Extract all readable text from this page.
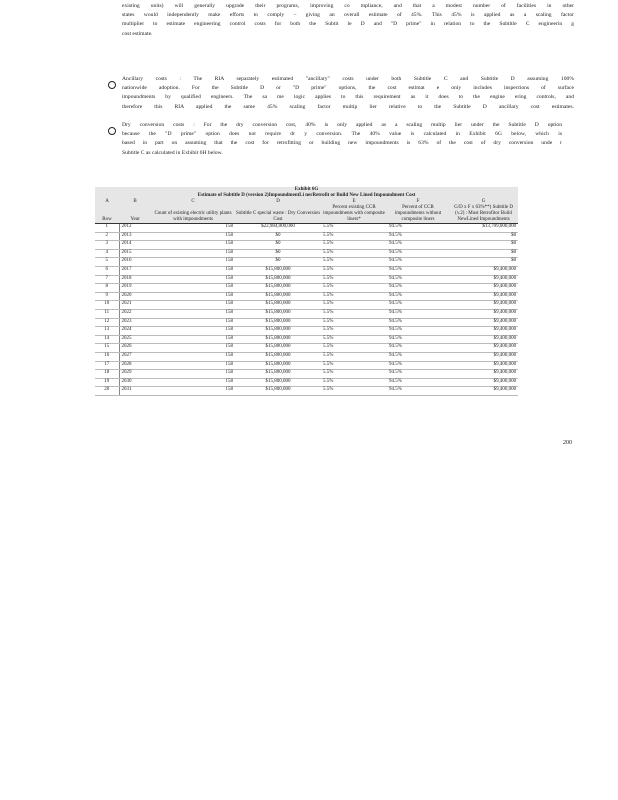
existing units) will generally upgrade their programs, improving co mpliance, and that a modest number of facilities in other
states would independently make efforts to comply – giving an overall estimate of 45%. This 45% is applied as a scaling factor
multiplier to estimate engineering control costs for both the Subtit le D and "D prime" in relation to the Subtitle C engineerin g
cost estimate.
Ancillary costs : The RIA separately estimated "ancillary" costs under both Subtitle C and Subtitle D assuming 100%
nationwide adoption. For the Subtitle D or "D prime" options, the cost estimat e only includes inspections of surface
impoundments by qualified engineers. The sa me logic applies to this requirement as it does to the engine ering controls, and
therefore this RIA applied the same 45% scaling factor multip lier relative to the Subtitle D ancillary cost estimates.
Dry conversion costs : For the dry conversion cost, 40% is only applied as a scaling multip lier under the Subtitle D option
because the "D prime" option does not require dr y conversion. The 40% value is calculated in Exhibit 6G below, which is
based in part on assuming that the cost for retrofitting or building new impoundments is 63% of the cost of dry conversion unde r
Subtitle C as calculated in Exhibit 6H below.
Exhibit 6G						
Estimate of Subtitle D (version 2)ImpoundmentLi nerRetrofit or Build New Lined Impoundment Cost						
A	B	C	D	E	F	G
Row	Year	Count of existing electric utility plants with impoundments	Subtitle C special waste : Dry Conversion Cost	Percent existing CCR impoundments with composite liners*	Percent of CCR impoundments without composite liners	G/D x F x 63%**) Subtitle D (v.2) : Must Retrofitor Build NewLined Impoundments
1	2012	158	$22,984,000,000	5.5%	94.5%	$13,709,000,000
2	2013	158	$0	5.5%	94.5%	$0
3	2014	158	$0	5.5%	94.5%	$0
4	2015	158	$0	5.5%	94.5%	$0
5	2016	158	$0	5.5%	94.5%	$0
6	2017	158	$15,800,000	5.5%	94.5%	$9,400,000
7	2018	158	$15,800,000	5.5%	94.5%	$9,400,000
8	2019	158	$15,800,000	5.5%	94.5%	$9,400,000
9	2020	158	$15,800,000	5.5%	94.5%	$9,400,000
10	2021	158	$15,800,000	5.5%	94.5%	$9,400,000
11	2022	158	$15,800,000	5.5%	94.5%	$9,400,000
12	2023	158	$15,800,000	5.5%	94.5%	$9,400,000
13	2024	158	$15,800,000	5.5%	94.5%	$9,400,000
14	2025	158	$15,800,000	5.5%	94.5%	$9,400,000
15	2026	158	$15,800,000	5.5%	94.5%	$9,400,000
16	2027	158	$15,800,000	5.5%	94.5%	$9,400,000
17	2028	158	$15,800,000	5.5%	94.5%	$9,400,000
18	2029	158	$15,800,000	5.5%	94.5%	$9,400,000
19	2030	158	$15,800,000	5.5%	94.5%	$9,400,000
20	2031	158	$15,800,000	5.5%	94.5%	$9,400,000
200
